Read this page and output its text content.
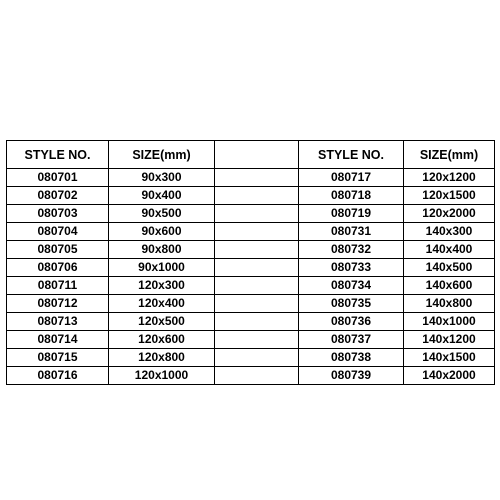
STYLE NO.	SIZE(mm)		STYLE NO.	SIZE(mm)
080701	90x300		080717	120x1200
080702	90x400		080718	120x1500
080703	90x500		080719	120x2000
080704	90x600		080731	140x300
080705	90x800		080732	140x400
080706	90x1000		080733	140x500
080711	120x300		080734	140x600
080712	120x400		080735	140x800
080713	120x500		080736	140x1000
080714	120x600		080737	140x1200
080715	120x800		080738	140x1500
080716	120x1000		080739	140x2000
